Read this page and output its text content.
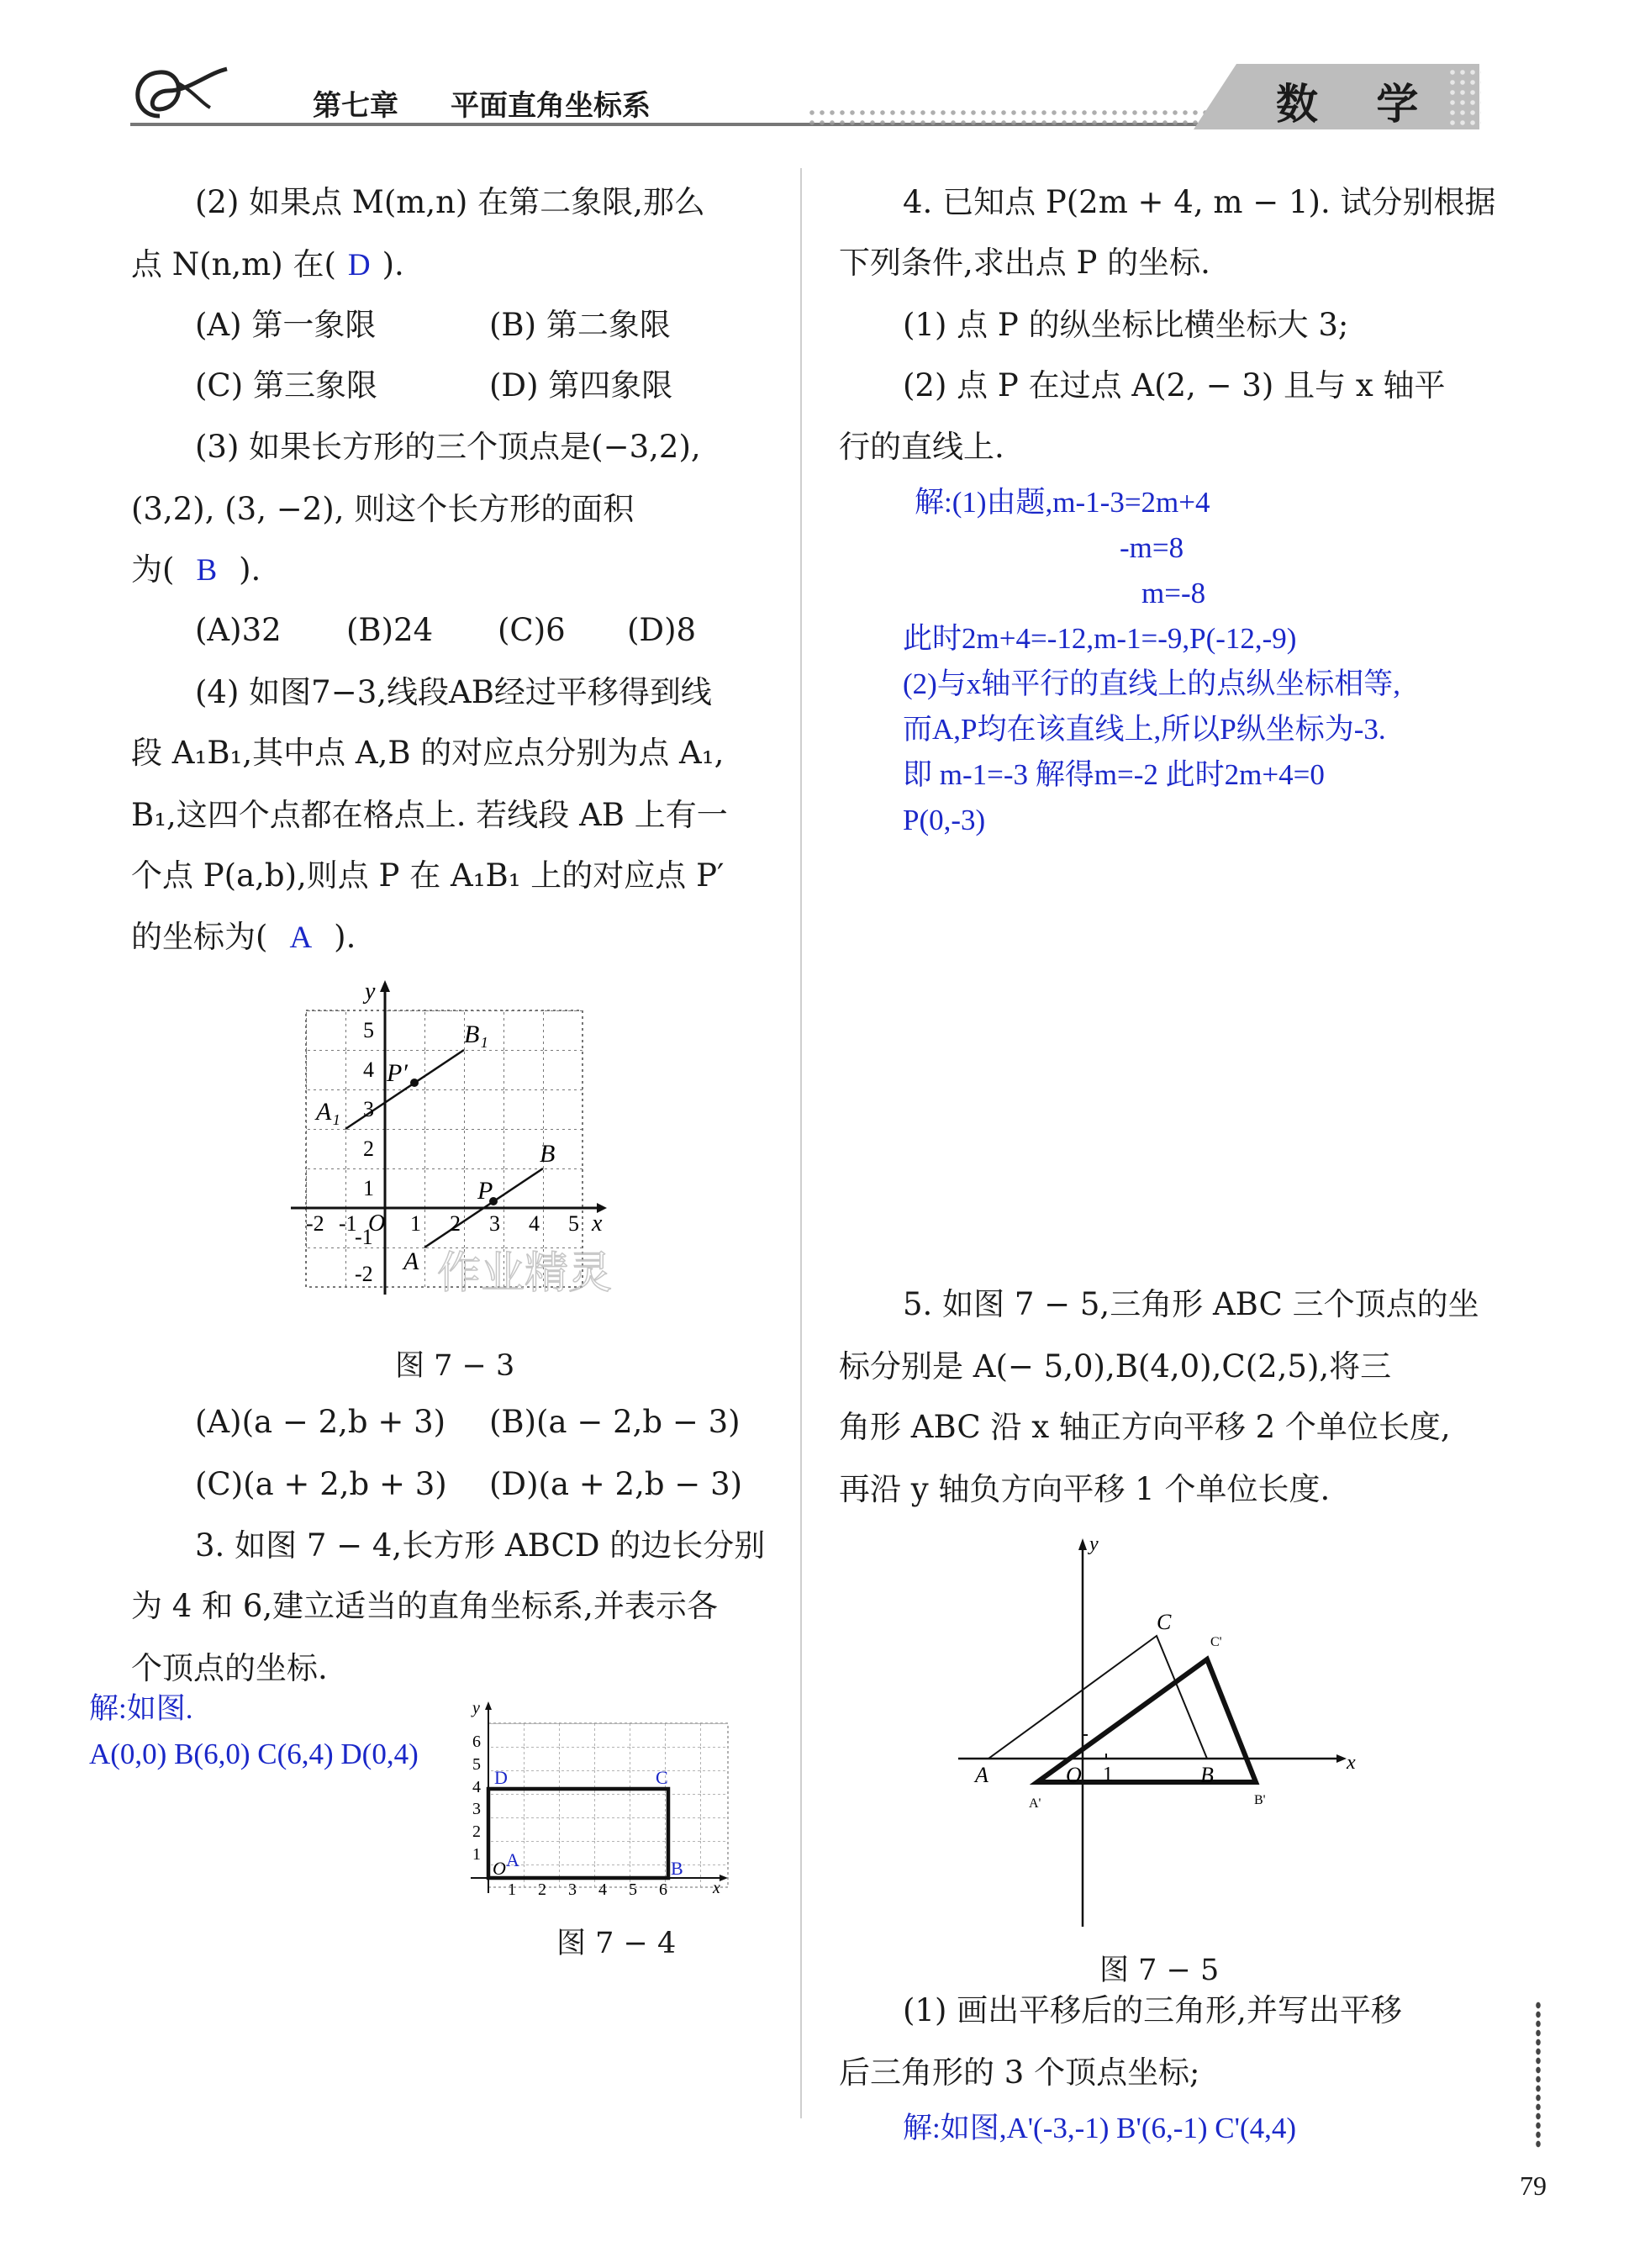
第七章 平面直角坐标系	数 学
(2) 如果点 M(m,n) 在第二象限,那么
点 N(n,m) 在( D ).
(A) 第一象限	(B) 第二象限
(C) 第三象限	(D) 第四象限
(3) 如果长方形的三个顶点是(−3,2),
(3,2), (3, −2), 则这个长方形的面积
为( B ).
(A)32 (B)24 (C)6 (D)8
(4) 如图7−3,线段AB经过平移得到线
段 A₁B₁,其中点 A,B 的对应点分别为点 A₁,
B₁,这四个点都在格点上. 若线段 AB 上有一
个点 P(a,b),则点 P 在 A₁B₁ 上的对应点 P′
的坐标为( A ).
A
B
P
A₁
B₁
P′
x
y
O
-2 -1 1 2 3 4 5
-2
-1
1
2
3
4
5
作业精灵
图 7 − 3
(A)(a − 2,b + 3) (B)(a − 2,b − 3)
(C)(a + 2,b + 3) (D)(a + 2,b − 3)
3. 如图 7 − 4,长方形 ABCD 的边长分别
为 4 和 6,建立适当的直角坐标系,并表示各
个顶点的坐标.
解:如图.
A(0,0) B(6,0) C(6,4) D(0,4)
A	B
C
D
O
x
y
1 2 3 4 5 6
1
2
3
4
5
6
图 7 − 4
4. 已知点 P(2m + 4, m − 1). 试分别根据
下列条件,求出点 P 的坐标.
(1) 点 P 的纵坐标比横坐标大 3;
(2) 点 P 在过点 A(2, − 3) 且与 x 轴平
行的直线上.
解:(1)由题,m-1-3=2m+4
-m=8
m=-8
此时2m+4=-12,m-1=-9,P(-12,-9)
(2)与x轴平行的直线上的点纵坐标相等,
而A,P均在该直线上,所以P纵坐标为-3.
即 m-1=-3 解得m=-2 此时2m+4=0
P(0,-3)
5. 如图 7 − 5,三角形 ABC 三个顶点的坐
标分别是 A(− 5,0),B(4,0),C(2,5),将三
角形 ABC 沿 x 轴正方向平移 2 个单位长度,
再沿 y 轴负方向平移 1 个单位长度.
A	B
C
A'	B'
C'
O 1
x
y
图 7 − 5
(1) 画出平移后的三角形,并写出平移
后三角形的 3 个顶点坐标;
解:如图,A'(-3,-1) B'(6,-1) C'(4,4)
79
